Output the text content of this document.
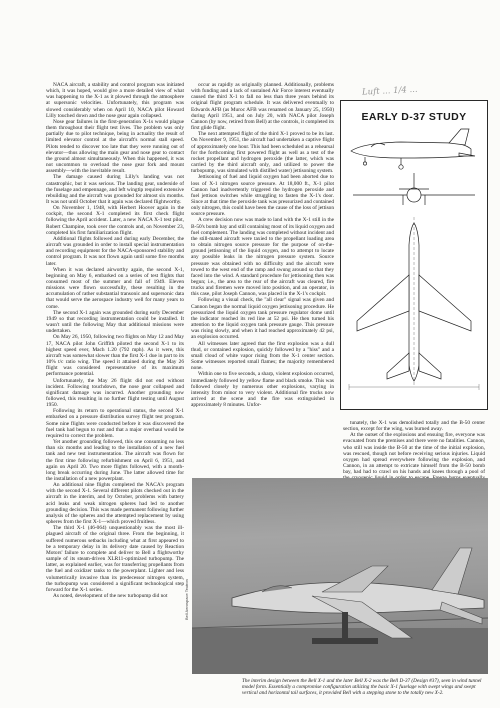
Luft ... 1/4 ...

NACA aircraft, a stability and control program was initiated which, it was hoped, would give a more detailed view of what was happening to the X-1 as it plowed through the atmosphere at supersonic velocities. Unfortunately, this program was slowed considerably when on April 10, NACA pilot Howard Lilly touched down and the nose gear again collapsed.

Nose gear failures in the first-generation X-1s would plague them throughout their flight test lives. The problem was only partially due to pilot technique, being in actuality the result of limited elevator control at the aircraft's normal stall speed. Pilots tended to discover too late that they were running out of elevator—thus allowing the main gear and nose gear to contact the ground almost simultaneously. When this happened, it was not uncommon to overload the nose gear fork and mount assembly—with the inevitable result.

The damage caused during Lilly's landing was not catastrophic, but it was serious. The landing gear, underside of the fuselage and empennage, and left wingtip required extensive rebuilding and the aircraft was grounded for almost six months. It was not until October that it again was declared flightworthy.

On November 1, 1948, with Herbert Hoover again in the cockpit, the second X-1 completed its first check flight following the April accident. Later, a new NACA X-1 test pilot, Robert Champine, took over the controls and, on November 23, completed his first familiarization flight.

Additional flights followed and during early December, the aircraft was grounded in order to install special instrumentation and recording equipment for the NACA-sponsored stability and control program. It was not flown again until some five months later.

When it was declared airworthy again, the second X-1, beginning on May 6, embarked on a series of test flights that consumed most of the summer and fall of 1949. Eleven missions were flown successfully, these resulting in the accumulation of rather substantial transonic and supersonic data that would serve the aerospace industry well for many years to come.

The second X-1 again was grounded during early December 1949 so that recording instrumentation could be installed. It wasn't until the following May that additional missions were undertaken.

On May 26, 1950, following two flights on May 12 and May 17, NACA pilot John Griffith piloted the second X-1 to its highest speed ever, Mach 1.20 (792 mph). As it were, this aircraft was somewhat slower than the first X-1 due in part to its 10% t/c ratio wing. The speed it attained during the May 26 flight was considered representative of its maximum performance potential.

Unfortunately, the May 26 flight did not end without incident. Following touchdown, the nose gear collapsed and significant damage was incurred. Another grounding now followed, this resulting in no further flight testing until August 1950.

Following its return to operational status, the second X-1 embarked on a pressure distribution survey flight test program. Some nine flights were conducted before it was discovered the fuel tank had begun to rust and that a major overhaul would be required to correct the problem.

Yet another grounding followed, this one consuming no less than six months and leading to the installation of a new fuel tank and new test instrumentation. The aircraft was flown for the first time following refurbishment on April 6, 1951, and again on April 20. Two more flights followed, with a month-long break occurring during June. The latter allowed time for the installation of a new powerplant.

An additional nine flights completed the NACA's program with the second X-1. Several different pilots checked out in the aircraft in the interim, and by October, problems with battery acid leaks and weak nitrogen spheres had led to another grounding decision. This was made permanent following further analysis of the spheres and the attempted replacement by using spheres from the first X-1—which proved fruitless.

The third X-1 (46-064) unquestionably was the most ill-plagued aircraft of the original three. From the beginning, it suffered numerous setbacks including what at first appeared to be a temporary delay in its delivery date caused by Reaction Motors' failure to complete and deliver to Bell a flightworthy sample of its steam-driven XLR11-optimized turbopump. The latter, as explained earlier, was for transferring propellants from the fuel and oxidizer tanks to the powerplant. Lighter and less volumetrically invasive than its predecessor nitrogen system, the turbopump was considered a significant technological step forward for the X-1 series.

As noted, development of the new turbopump did not

occur as rapidly as originally planned. Additionally, problems with funding and a lack of sustained Air Force interest eventually caused the third X-1 to fall no less than three years behind its original flight program schedule. It was delivered eventually to Edwards AFB (as Muroc AFB was renamed on January 25, 1950) during April 1951, and on July 20, with NACA pilot Joseph Cannon (by now, retired from Bell) at the controls, it completed its first glide flight.

The next attempted flight of the third X-1 proved to be its last. On November 9, 1951, the aircraft had undertaken a captive flight of approximately one hour. This had been scheduled as a rehearsal for the forthcoming first powered flight as well as a test of the rocket propellant and hydrogen peroxide (the latter, which was carried by the third aircraft only, and utilized to power the turbopump, was simulated with distilled water) jettisoning system.

Jettisoning of fuel and liquid oxygen had been aborted due to loss of X-1 nitrogen source pressure. At 18,000 ft., X-1 pilot Cannon had inadvertently triggered the hydrogen peroxide and fuel jettison switches while struggling to fasten the X-1's door. Since at that time the peroxide tank was pressurized and contained only nitrogen, this could have been the cause of the loss of jettison source pressure.

A crew decision now was made to land with the X-1 still in the B-50's bomb bay and still containing most of its liquid oxygen and fuel complement. The landing was completed without incident and the still-mated aircraft were taxied to the propellant loading area to obtain nitrogen source pressure for the purpose of on-the-ground jettisoning of the liquid oxygen, and to attempt to locate any possible leaks in the nitrogen pressure system. Source pressure was obtained with no difficulty and the aircraft were towed to the west end of the ramp and swung around so that they faced into the wind. A standard procedure for jettisoning then was begun; i.e., the area to the rear of the aircraft was cleared, fire trucks and firemen were moved into position, and an operator, in this case, pilot Joseph Cannon, was placed in the X-1's cockpit.

Following a visual check, the "all clear" signal was given and Cannon began the normal liquid oxygen jettisoning procedure. He pressurized the liquid oxygen tank pressure regulator dome until the indicator reached its red line at 52 psi. He then turned his attention to the liquid oxygen tank pressure gauge. This pressure was rising slowly, and when it had reached approximately 42 psi, an explosion occurred.

All witnesses later agreed that the first explosion was a dull thud, or contained explosion, quickly followed by a "hiss" and a small cloud of white vapor rising from the X-1 center section. Some witnesses reported small flames; the majority remembered none.

Within one to five seconds, a sharp, violent explosion occurred, immediately followed by yellow flame and black smoke. This was followed closely by numerous other explosions, varying in intensity from minor to very violent. Additional fire trucks now arrived at the scene and the fire was extinguished in approximately 8 minutes. Unfor-

EARLY D-37 STUDY

tunately, the X-1 was demolished totally and the B-50 center section, except for the wing, was burned away.

At the outset of the explosions and ensuing fire, everyone was evacuated from the premises and there were no fatalities. Cannon, who still was inside the B-50 at the time of the initial explosion, was rescued, though not before receiving serious injuries. Liquid oxygen had spread everywhere following the explosion, and Cannon, in an attempt to extricate himself from the B-50 bomb bay, had had to crawl on his hands and knees through a pool of

Bell Aerospace Textron
The interim design between the Bell X-1 and the later Bell X-2 was the Bell D-37 (Design #37), seen in wind tunnel model form. Essentially a compromise configuration utilizing the basic X-1 fuselage with swept wings and swept vertical and horizontal tail surfaces, it provided Bell with a stepping stone to the totally new X-2.
